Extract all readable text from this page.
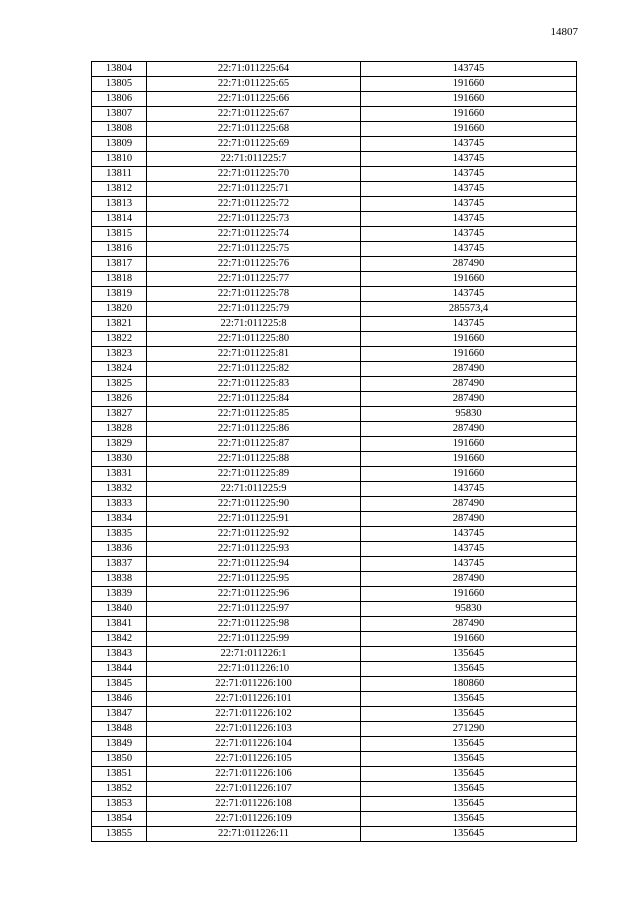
14807
13804	22:71:011225:64	143745
13805	22:71:011225:65	191660
13806	22:71:011225:66	191660
13807	22:71:011225:67	191660
13808	22:71:011225:68	191660
13809	22:71:011225:69	143745
13810	22:71:011225:7	143745
13811	22:71:011225:70	143745
13812	22:71:011225:71	143745
13813	22:71:011225:72	143745
13814	22:71:011225:73	143745
13815	22:71:011225:74	143745
13816	22:71:011225:75	143745
13817	22:71:011225:76	287490
13818	22:71:011225:77	191660
13819	22:71:011225:78	143745
13820	22:71:011225:79	285573,4
13821	22:71:011225:8	143745
13822	22:71:011225:80	191660
13823	22:71:011225:81	191660
13824	22:71:011225:82	287490
13825	22:71:011225:83	287490
13826	22:71:011225:84	287490
13827	22:71:011225:85	95830
13828	22:71:011225:86	287490
13829	22:71:011225:87	191660
13830	22:71:011225:88	191660
13831	22:71:011225:89	191660
13832	22:71:011225:9	143745
13833	22:71:011225:90	287490
13834	22:71:011225:91	287490
13835	22:71:011225:92	143745
13836	22:71:011225:93	143745
13837	22:71:011225:94	143745
13838	22:71:011225:95	287490
13839	22:71:011225:96	191660
13840	22:71:011225:97	95830
13841	22:71:011225:98	287490
13842	22:71:011225:99	191660
13843	22:71:011226:1	135645
13844	22:71:011226:10	135645
13845	22:71:011226:100	180860
13846	22:71:011226:101	135645
13847	22:71:011226:102	135645
13848	22:71:011226:103	271290
13849	22:71:011226:104	135645
13850	22:71:011226:105	135645
13851	22:71:011226:106	135645
13852	22:71:011226:107	135645
13853	22:71:011226:108	135645
13854	22:71:011226:109	135645
13855	22:71:011226:11	135645
